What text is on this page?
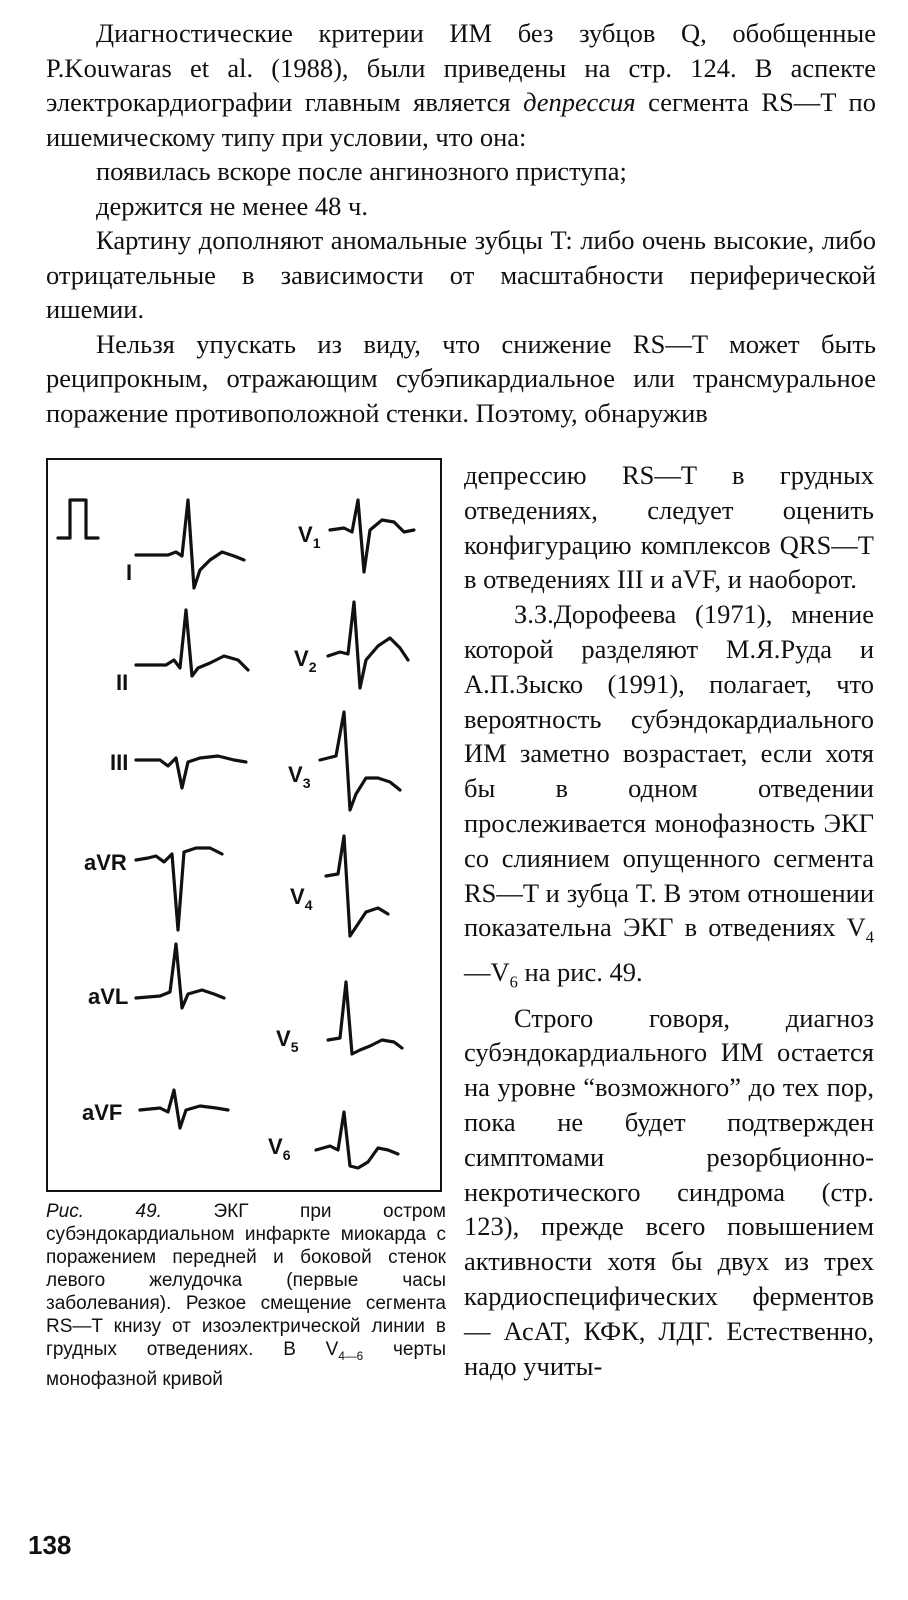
Диагностические критерии ИМ без зубцов Q, обобщенные P.Kouwaras et al. (1988), были приведены на стр. 124. В аспекте электрокардиографии главным является депрессия сегмента RS—T по ишемическому типу при условии, что она:

появилась вскоре после ангинозного приступа;

держится не менее 48 ч.

Картину дополняют аномальные зубцы T: либо очень высокие, либо отрицательные в зависимости от масштабности периферической ишемии.

Нельзя упускать из виду, что снижение RS—T может быть реципрокным, отражающим субэпикардиальное или трансмуральное поражение противоположной стенки. Поэтому, обнаружив

I
II
III
aVR
aVL
aVF
$V_1$
$V_2$
$V_3$
$V_4$
$V_5$
$V_6$
Рис. 49. ЭКГ при остром субэндокардиальном инфаркте миокарда с поражением передней и боковой стенок левого желудочка (первые часы заболевания). Резкое смещение сегмента RS—T книзу от изоэлектрической линии в грудных отведениях. В $V_{4—6}$ черты монофазной кривой

депрессию RS—T в грудных отведениях, следует оценить конфигурацию комплексов QRS—T в отведениях III и aVF, и наоборот.

З.З.Дорофеева (1971), мнение которой разделяют М.Я.Руда и А.П.Зыско (1991), полагает, что вероятность субэндокардиального ИМ заметно возрастает, если хотя бы в одном отведении прослеживается монофазность ЭКГ со слиянием опущенного сегмента RS—T и зубца T. В этом отношении показательна ЭКГ в отведениях $V_4—V_6$ на рис. 49.

Строго говоря, диагноз субэндокардиального ИМ остается на уровне “возможного” до тех пор, пока не будет подтвержден симптомами резорбционно-некротического синдрома (стр. 123), прежде всего повышением активности хотя бы двух из трех кардиоспецифических ферментов — АсАТ, КФК, ЛДГ. Естественно, надо учиты-

138
